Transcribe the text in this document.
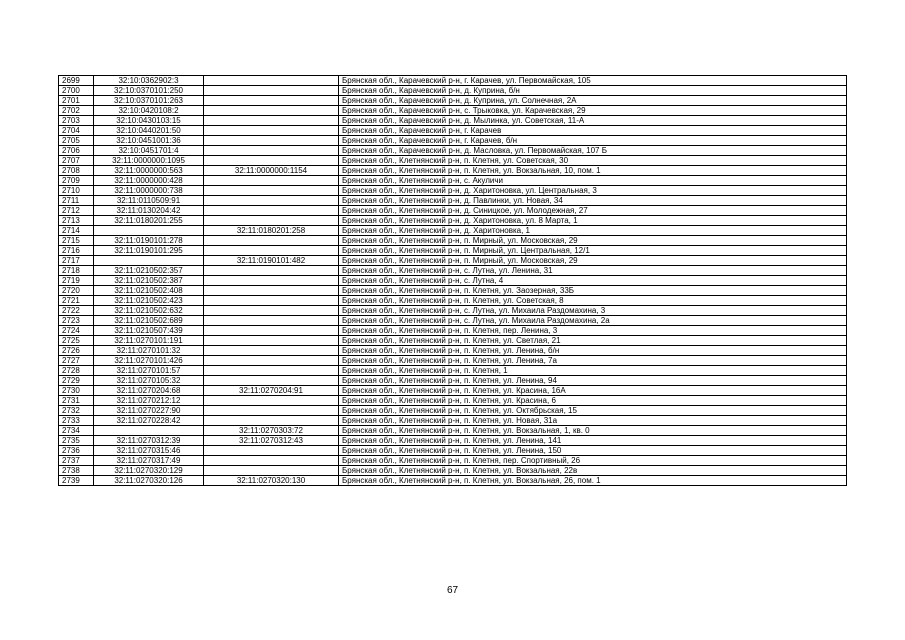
2699	32:10:0362902:3		Брянская обл., Карачевский р-н, г. Карачев, ул. Первомайская, 105
2700	32:10:0370101:250		Брянская обл., Карачевский р-н, д. Куприна, б/н
2701	32:10:0370101:263		Брянская обл., Карачевский р-н, д. Куприна, ул. Солнечная, 2А
2702	32:10:0420108:2		Брянская обл., Карачевский р-н, с. Трыковка, ул. Карачевская, 29
2703	32:10:0430103:15		Брянская обл., Карачевский р-н, д. Мылинка, ул. Советская, 11-А
2704	32:10:0440201:50		Брянская обл., Карачевский р-н, г. Карачев
2705	32:10:0451001:36		Брянская обл., Карачевский р-н, г. Карачев, б/н
2706	32:10:0451701:4		Брянская обл., Карачевский р-н, д. Масловка, ул. Первомайская, 107 Б
2707	32:11:0000000:1095		Брянская обл., Клетнянский р-н, п. Клетня, ул. Советская, 30
2708	32:11:0000000:563	32:11:0000000:1154	Брянская обл., Клетнянский р-н, п. Клетня, ул. Вокзальная, 10, пом. 1
2709	32:11:0000000:428		Брянская обл., Клетнянский р-н, с. Акуличи
2710	32:11:0000000:738		Брянская обл., Клетнянский р-н, д. Харитоновка, ул. Центральная, 3
2711	32:11:0110509:91		Брянская обл., Клетнянский р-н, д. Павлинки, ул. Новая, 34
2712	32:11:0130204:42		Брянская обл., Клетнянский р-н, д. Синицкое, ул. Молодежная, 27
2713	32:11:0180201:255		Брянская обл., Клетнянский р-н, д. Харитоновка, ул. 8 Марта, 1
2714		32:11:0180201:258	Брянская обл., Клетнянский р-н, д. Харитоновка, 1
2715	32:11:0190101:278		Брянская обл., Клетнянский р-н, п. Мирный, ул. Московская, 29
2716	32:11:0190101:295		Брянская обл., Клетнянский р-н, п. Мирный, ул. Центральная, 12/1
2717		32:11:0190101:482	Брянская обл., Клетнянский р-н, п. Мирный, ул. Московская, 29
2718	32:11:0210502:357		Брянская обл., Клетнянский р-н, с. Лутна, ул. Ленина, 31
2719	32:11:0210502:387		Брянская обл., Клетнянский р-н, с. Лутна, 4
2720	32:11:0210502:408		Брянская обл., Клетнянский р-н, п. Клетня, ул. Заозерная, 33Б
2721	32:11:0210502:423		Брянская обл., Клетнянский р-н, п. Клетня, ул. Советская, 8
2722	32:11:0210502:632		Брянская обл., Клетнянский р-н, с. Лутна, ул. Михаила Раздомахина, 3
2723	32:11:0210502:689		Брянская обл., Клетнянский р-н, с. Лутна, ул. Михаила Раздомахина, 2а
2724	32:11:0210507:439		Брянская обл., Клетнянский р-н, п. Клетня, пер. Ленина, 3
2725	32:11:0270101:191		Брянская обл., Клетнянский р-н, п. Клетня, ул. Светлая, 21
2726	32:11:0270101:32		Брянская обл., Клетнянский р-н, п. Клетня, ул. Ленина, б/н
2727	32:11:0270101:426		Брянская обл., Клетнянский р-н, п. Клетня, ул. Ленина, 7а
2728	32:11:0270101:57		Брянская обл., Клетнянский р-н, п. Клетня, 1
2729	32:11:0270105:32		Брянская обл., Клетнянский р-н, п. Клетня, ул. Ленина, 94
2730	32:11:0270204:68	32:11:0270204:91	Брянская обл., Клетнянский р-н, п. Клетня, ул. Красина, 16А
2731	32:11:0270212:12		Брянская обл., Клетнянский р-н, п. Клетня, ул. Красина, 6
2732	32:11:0270227:90		Брянская обл., Клетнянский р-н, п. Клетня, ул. Октябрьская, 15
2733	32:11:0270228:42		Брянская обл., Клетнянский р-н, п. Клетня, ул. Новая, 31а
2734		32:11:0270303:72	Брянская обл., Клетнянский р-н, п. Клетня, ул. Вокзальная, 1, кв. 0
2735	32:11:0270312:39	32:11:0270312:43	Брянская обл., Клетнянский р-н, п. Клетня, ул. Ленина, 141
2736	32:11:0270315:46		Брянская обл., Клетнянский р-н, п. Клетня, ул. Ленина, 150
2737	32:11:0270317:49		Брянская обл., Клетнянский р-н, п. Клетня, пер. Спортивный, 26
2738	32:11:0270320:129		Брянская обл., Клетнянский р-н, п. Клетня, ул. Вокзальная, 22в
2739	32:11:0270320:126	32:11:0270320:130	Брянская обл., Клетнянский р-н, п. Клетня, ул. Вокзальная, 26, пом. 1
67
